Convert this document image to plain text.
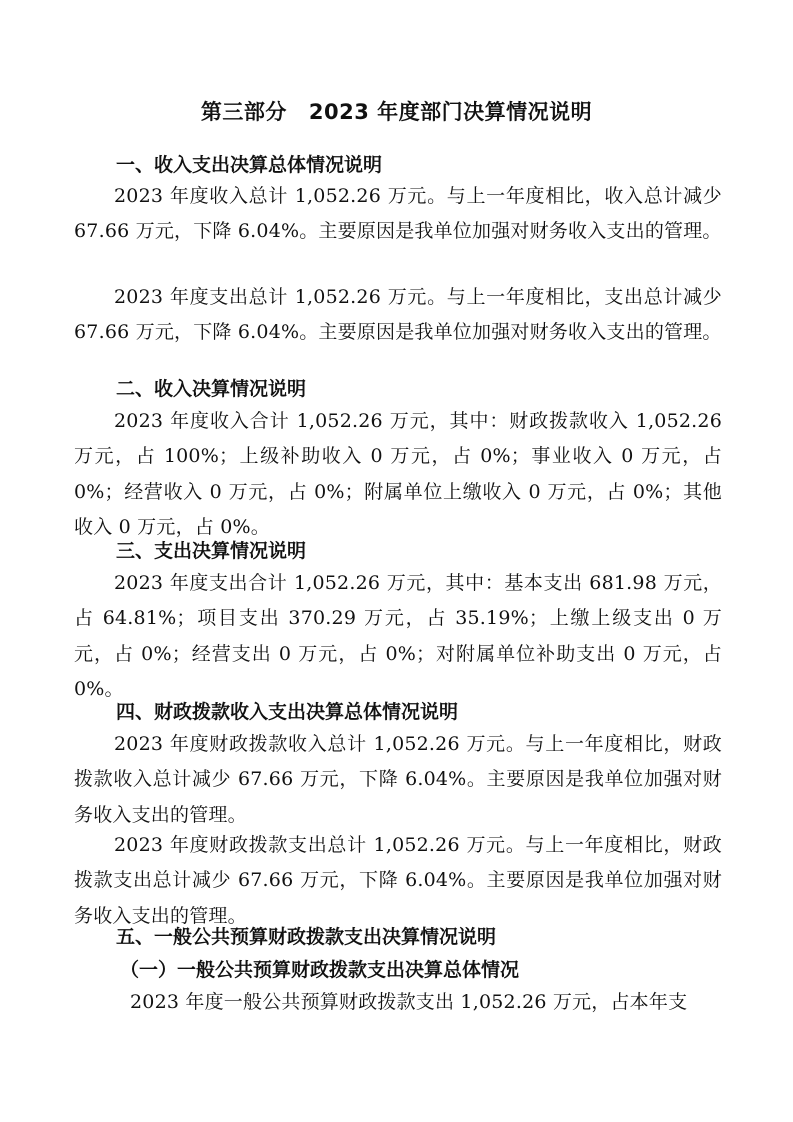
第三部分 2023 年度部门决算情况说明
一、收入支出决算总体情况说明
2023 年度收入总计 1,052.26 万元。与上一年度相比，收入总计减少 67.66 万元，下降 6.04%。主要原因是我单位加强对财务收入支出的管理。
2023 年度支出总计 1,052.26 万元。与上一年度相比，支出总计减少 67.66 万元，下降 6.04%。主要原因是我单位加强对财务收入支出的管理。
二、收入决算情况说明
2023 年度收入合计 1,052.26 万元，其中：财政拨款收入 1,052.26 万元，占 100%；上级补助收入 0 万元，占 0%；事业收入 0 万元，占 0%；经营收入 0 万元，占 0%；附属单位上缴收入 0 万元，占 0%；其他收入 0 万元，占 0%。
三、支出决算情况说明
2023 年度支出合计 1,052.26 万元，其中：基本支出 681.98 万元，占 64.81%；项目支出 370.29 万元，占 35.19%；上缴上级支出 0 万元，占 0%；经营支出 0 万元，占 0%；对附属单位补助支出 0 万元，占 0%。
四、财政拨款收入支出决算总体情况说明
2023 年度财政拨款收入总计 1,052.26 万元。与上一年度相比，财政拨款收入总计减少 67.66 万元，下降 6.04%。主要原因是我单位加强对财务收入支出的管理。
2023 年度财政拨款支出总计 1,052.26 万元。与上一年度相比，财政拨款支出总计减少 67.66 万元，下降 6.04%。主要原因是我单位加强对财务收入支出的管理。
五、一般公共预算财政拨款支出决算情况说明
（一）一般公共预算财政拨款支出决算总体情况
2023 年度一般公共预算财政拨款支出 1,052.26 万元，占本年支
